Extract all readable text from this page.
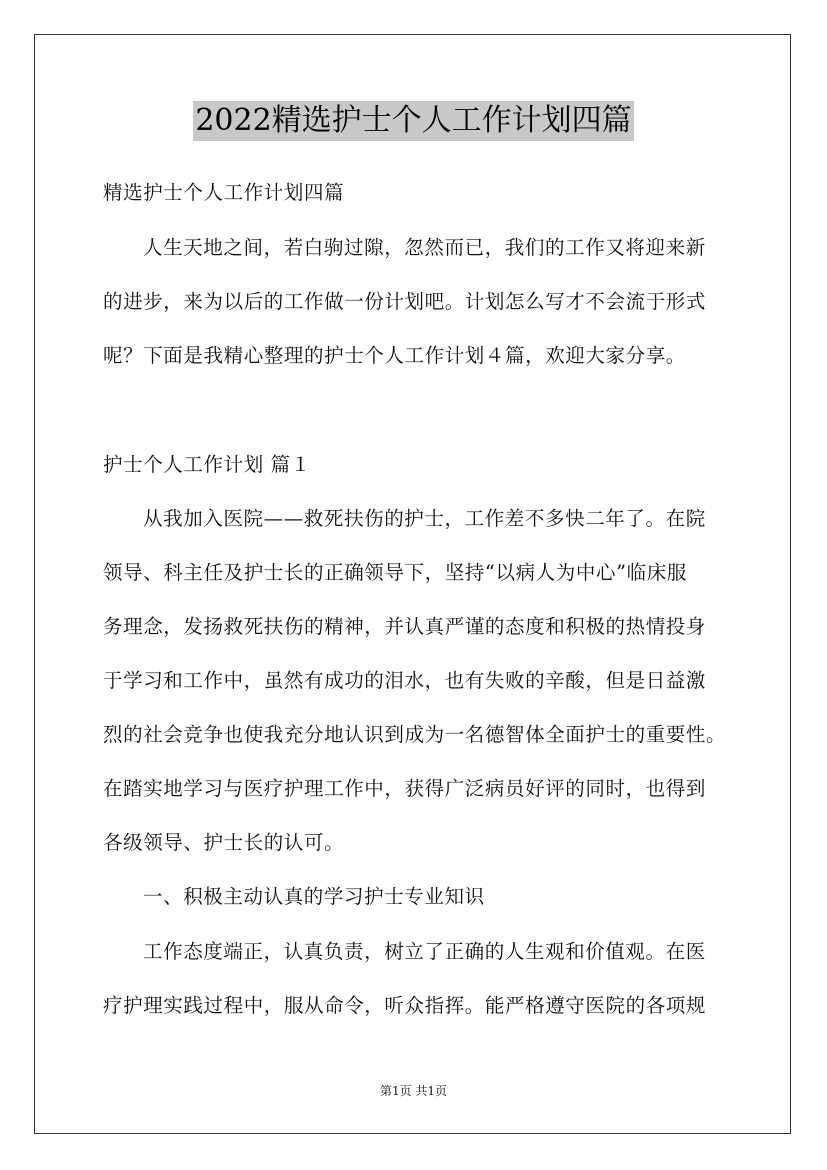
2022精选护士个人工作计划四篇
精选护士个人工作计划四篇
人生天地之间，若白驹过隙，忽然而已，我们的工作又将迎来新
的进步，来为以后的工作做一份计划吧。计划怎么写才不会流于形式
呢？下面是我精心整理的护士个人工作计划４篇，欢迎大家分享。
护士个人工作计划 篇１
从我加入医院——救死扶伤的护士，工作差不多快二年了。在院
领导、科主任及护士长的正确领导下，坚持“以病人为中心”临床服
务理念，发扬救死扶伤的精神，并认真严谨的态度和积极的热情投身
于学习和工作中，虽然有成功的泪水，也有失败的辛酸，但是日益激
烈的社会竞争也使我充分地认识到成为一名德智体全面护士的重要性。
在踏实地学习与医疗护理工作中，获得广泛病员好评的同时，也得到
各级领导、护士长的认可。
一、积极主动认真的学习护士专业知识
工作态度端正，认真负责，树立了正确的人生观和价值观。在医
疗护理实践过程中，服从命令，听众指挥。能严格遵守医院的各项规
第1页 共1页
